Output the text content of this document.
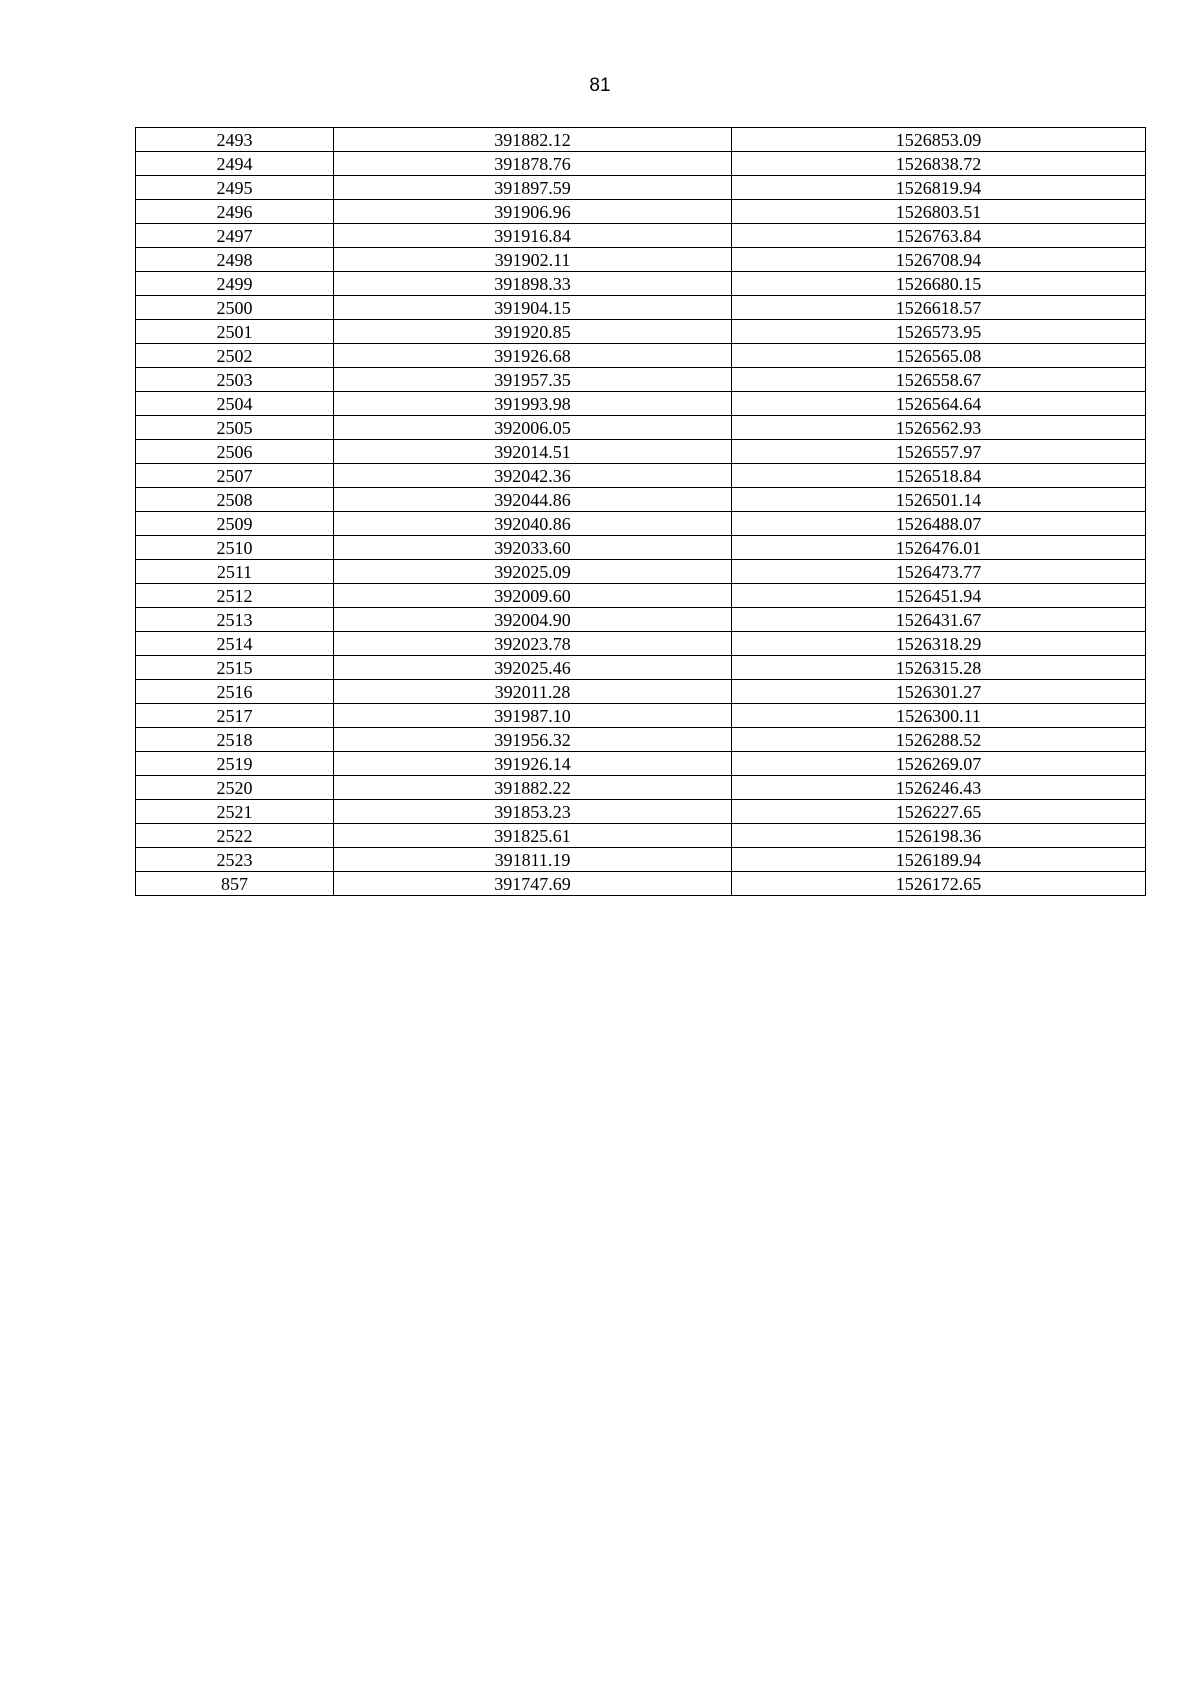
81
2493	391882.12	1526853.09
2494	391878.76	1526838.72
2495	391897.59	1526819.94
2496	391906.96	1526803.51
2497	391916.84	1526763.84
2498	391902.11	1526708.94
2499	391898.33	1526680.15
2500	391904.15	1526618.57
2501	391920.85	1526573.95
2502	391926.68	1526565.08
2503	391957.35	1526558.67
2504	391993.98	1526564.64
2505	392006.05	1526562.93
2506	392014.51	1526557.97
2507	392042.36	1526518.84
2508	392044.86	1526501.14
2509	392040.86	1526488.07
2510	392033.60	1526476.01
2511	392025.09	1526473.77
2512	392009.60	1526451.94
2513	392004.90	1526431.67
2514	392023.78	1526318.29
2515	392025.46	1526315.28
2516	392011.28	1526301.27
2517	391987.10	1526300.11
2518	391956.32	1526288.52
2519	391926.14	1526269.07
2520	391882.22	1526246.43
2521	391853.23	1526227.65
2522	391825.61	1526198.36
2523	391811.19	1526189.94
857	391747.69	1526172.65
